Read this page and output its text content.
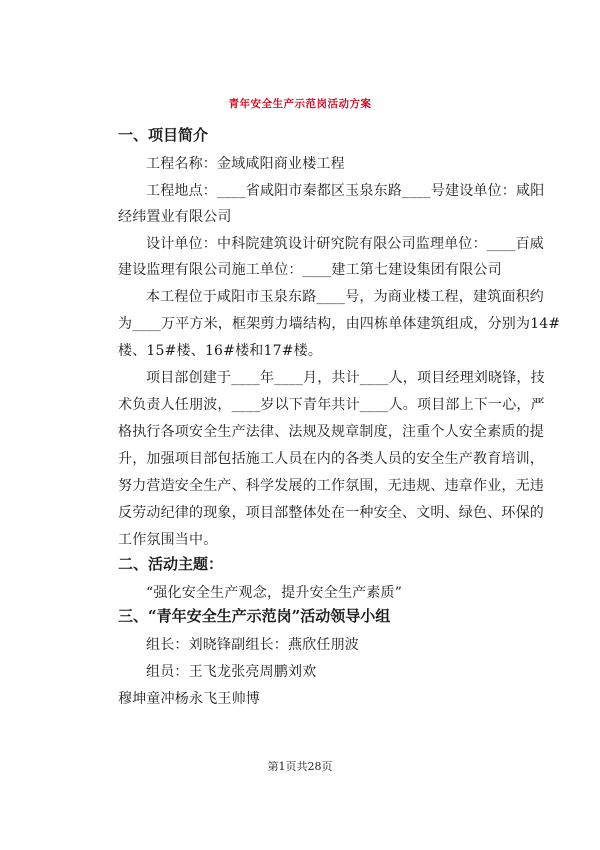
青年安全生产示范岗活动方案
一、项目简介
工程名称：金域咸阳商业楼工程
工程地点：____省咸阳市秦都区玉泉东路____号建设单位：咸阳
经纬置业有限公司
设计单位：中科院建筑设计研究院有限公司监理单位：____百威
建设监理有限公司施工单位：____建工第七建设集团有限公司
本工程位于咸阳市玉泉东路____号，为商业楼工程，建筑面积约
为____万平方米，框架剪力墙结构，由四栋单体建筑组成，分别为14#
楼、15#楼、16#楼和17#楼。
项目部创建于____年____月，共计____人，项目经理刘晓锋，技
术负责人任朋波，____岁以下青年共计____人。项目部上下一心，严
格执行各项安全生产法律、法规及规章制度，注重个人安全素质的提
升，加强项目部包括施工人员在内的各类人员的安全生产教育培训，
努力营造安全生产、科学发展的工作氛围，无违规、违章作业，无违
反劳动纪律的现象，项目部整体处在一种安全、文明、绿色、环保的
工作氛围当中。
二、活动主题：
“强化安全生产观念，提升安全生产素质”
三、“青年安全生产示范岗”活动领导小组
组长：刘晓锋副组长：燕欣任朋波
组员：王飞龙张亮周鹏刘欢
穆坤童冲杨永飞王帅博
第1页共28页
